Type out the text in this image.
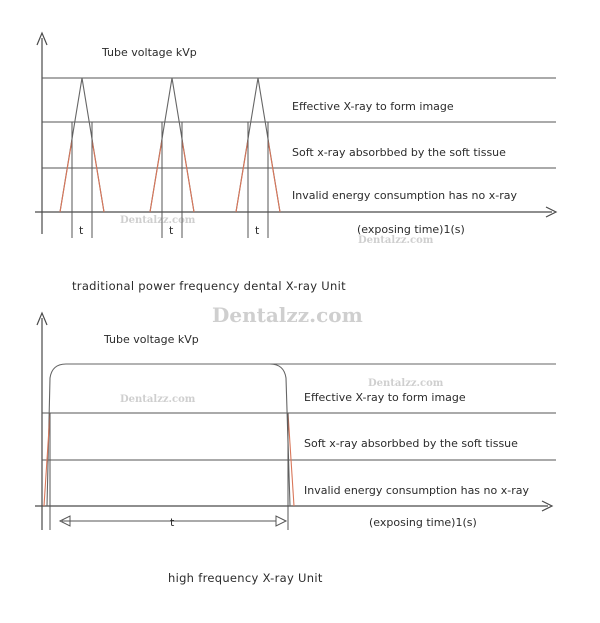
Dentalzz.com
Dentalzz.com
Dentalzz.com
Dentalzz.com
Dentalzz.com
Tube voltage kVp
Effective X-ray to form image
Soft x-ray absorbbed by the soft tissue
Invalid energy consumption has no x-ray
(exposing time)1(s)
t	t	t
traditional power frequency dental X-ray Unit
Tube voltage kVp
Effective X-ray to form image
Soft x-ray absorbbed by the soft tissue
Invalid energy consumption has no x-ray
(exposing time)1(s)
t
high frequency X-ray Unit
